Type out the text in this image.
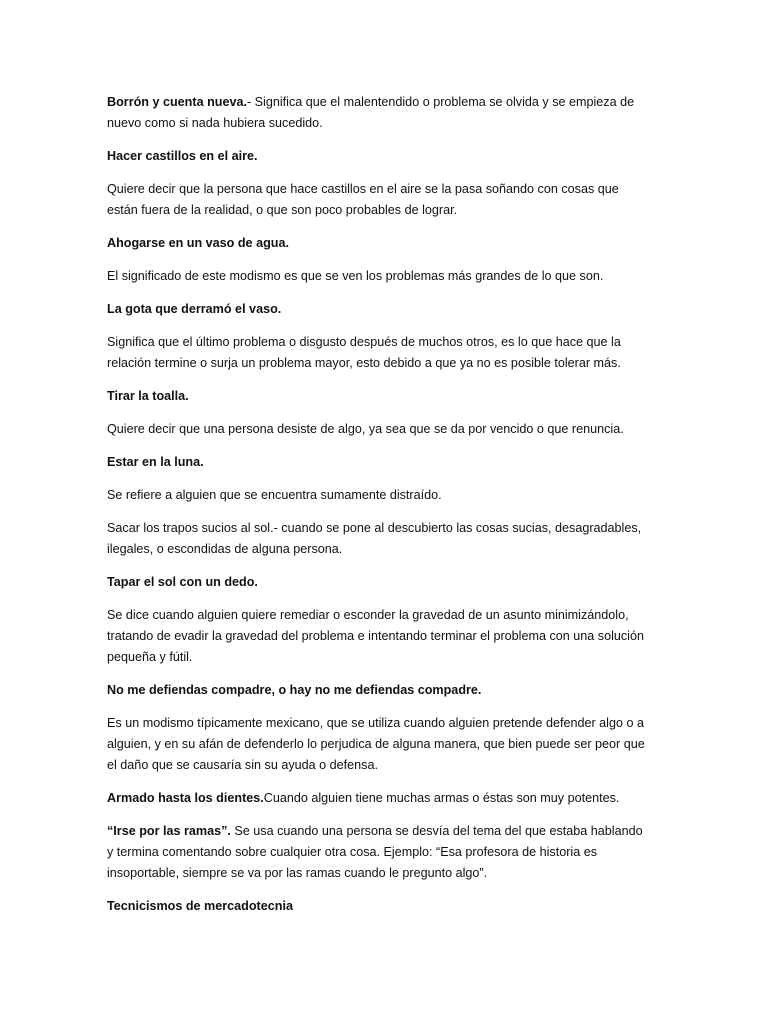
Borrón y cuenta nueva.- Significa que el malentendido o problema se olvida y se empieza de nuevo como si nada hubiera sucedido.

Hacer castillos en el aire.

Quiere decir que la persona que hace castillos en el aire se la pasa soñando con cosas que están fuera de la realidad, o que son poco probables de lograr.

Ahogarse en un vaso de agua.

El significado de este modismo es que se ven los problemas más grandes de lo que son.

La gota que derramó el vaso.

Significa que el último problema o disgusto después de muchos otros, es lo que hace que la relación termine o surja un problema mayor, esto debido a que ya no es posible tolerar más.

Tirar la toalla.

Quiere decir que una persona desiste de algo, ya sea que se da por vencido o que renuncia.

Estar en la luna.

Se refiere a alguien que se encuentra sumamente distraído.

Sacar los trapos sucios al sol.- cuando se pone al descubierto las cosas sucias, desagradables, ilegales, o escondidas de alguna persona.

Tapar el sol con un dedo.

Se dice cuando alguien quiere remediar o esconder la gravedad de un asunto minimizándolo, tratando de evadir la gravedad del problema e intentando terminar el problema con una solución pequeña y fútil.

No me defiendas compadre, o hay no me defiendas compadre.

Es un modismo típicamente mexicano, que se utiliza cuando alguien pretende defender algo o a alguien, y en su afán de defenderlo lo perjudica de alguna manera, que bien puede ser peor que el daño que se causaría sin su ayuda o defensa.

Armado hasta los dientes.Cuando alguien tiene muchas armas o éstas son muy potentes.

“Irse por las ramas”. Se usa cuando una persona se desvía del tema del que estaba hablando y termina comentando sobre cualquier otra cosa. Ejemplo: “Esa profesora de historia es insoportable, siempre se va por las ramas cuando le pregunto algo”.

Tecnicismos de mercadotecnia
